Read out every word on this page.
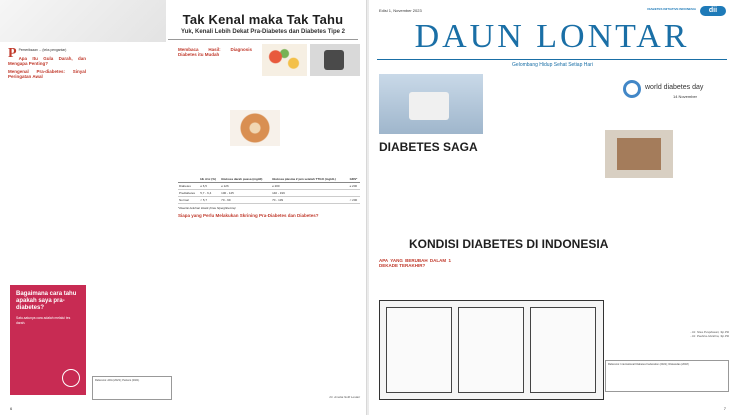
Tak Kenal maka Tak Tahu
Yuk, Kenali Lebih Dekat Pra-Diabetes dan Diabetes Tipe 2

P Pemeriksaan ... (teks pengantar)

Apa Itu Gula Darah, dan Mengapa Penting?
Mengenal Pra-diabetes: Sinyal Peringatan Awal
Membaca Hasil: Diagnosis Diabetes itu Mudah
	Hb A1c (%)	Glukosa darah puasa (mg/dl)	Glukosa plasma 2 jam setelah TTGO (mg/dL)	GDS*
Diabetes	≥ 6,5	≥ 126	≥ 200	≥ 200
Prediabetes	5,7 - 6,4	100 - 125	140 - 199	
Normal	< 5,7	70 - 99	70 - 139	< 200
*disertai keluhan klasik (trias hiperglikemia)
Siapa yang Perlu Melakukan Skrining Pra-Diabetes dan Diabetes?
Bagaimana cara tahu apakah saya pra-diabetes?

Satu-satunya cara adalah melalui tes darah.

Referensi: ADA (2023); Perkeni (2021)
Dr. Amelia Sufit Lestari
6
Edisi 1, November 2023	DIABETES INITIATIVE INDONESIA	dii
DAUN LONTAR
Gelombang Hidup Sehat Setiap Hari
DIABETES SAGA
world diabetes day
14 November
KONDISI DIABETES DI INDONESIA
APA YANG BERUBAH DALAM 1 DEKADE TERAKHIR?
- Dr. Nisa Puspitasari, Sp.PD
- Dr. Paulina Azzahra, Sp.PD
Referensi: International Diabetes Federation (2021); Riskesdas (2018)
7
